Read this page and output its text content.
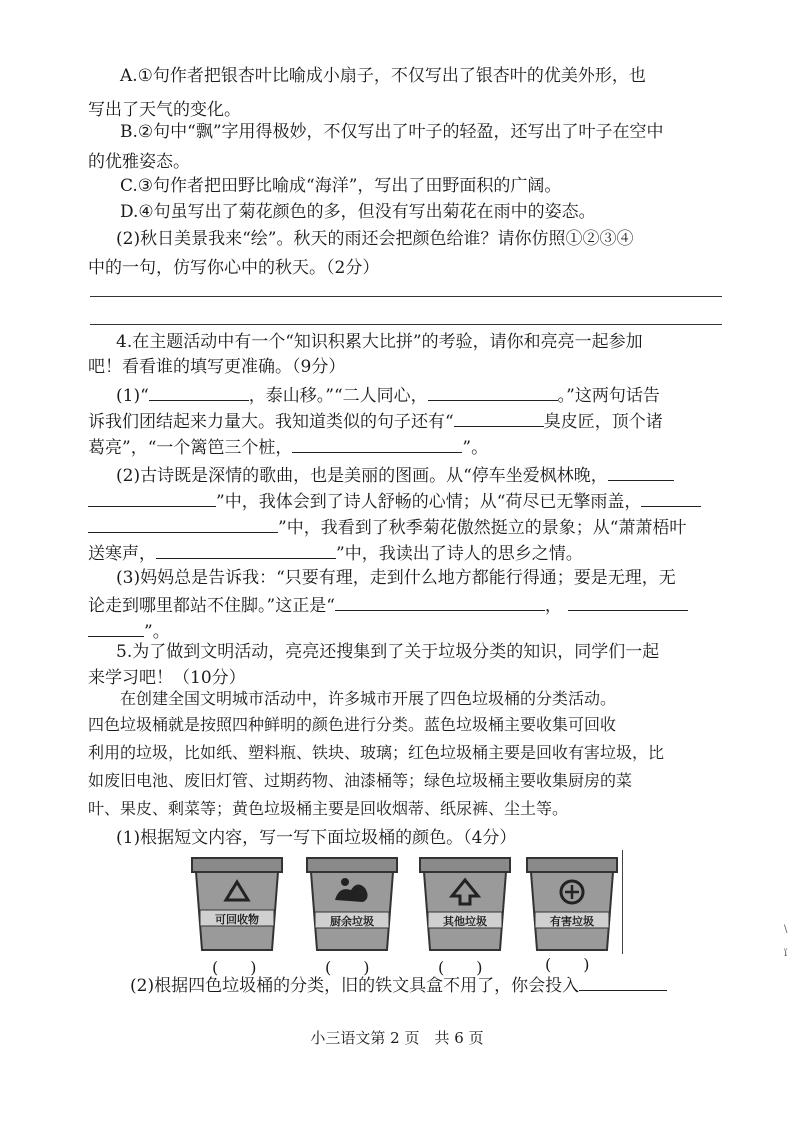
A.①句作者把银杏叶比喻成小扇子，不仅写出了银杏叶的优美外形，也
写出了天气的变化。
B.②句中“飘”字用得极妙，不仅写出了叶子的轻盈，还写出了叶子在空中
的优雅姿态。
C.③句作者把田野比喻成“海洋”，写出了田野面积的广阔。
D.④句虽写出了菊花颜色的多，但没有写出菊花在雨中的姿态。
(2)秋日美景我来“绘”。秋天的雨还会把颜色给谁？请你仿照①②③④
中的一句，仿写你心中的秋天。（2分）
4.在主题活动中有一个“知识积累大比拼”的考验，请你和亮亮一起参加
吧！看看谁的填写更准确。（9分）
(1)“	，泰山移。”“二人同心，	。”这两句话告
诉我们团结起来力量大。我知道类似的句子还有“	臭皮匠，顶个诸
葛亮”，“一个篱笆三个桩，	”。
(2)古诗既是深情的歌曲，也是美丽的图画。从“停车坐爱枫林晚，
”中，我体会到了诗人舒畅的心情；从“荷尽已无擎雨盖，
”中，我看到了秋季菊花傲然挺立的景象；从“萧萧梧叶
送寒声，	”中，我读出了诗人的思乡之情。
(3)妈妈总是告诉我：“只要有理，走到什么地方都能行得通；要是无理，无
论走到哪里都站不住脚。”这正是“	，
”。
5.为了做到文明活动，亮亮还搜集到了关于垃圾分类的知识，同学们一起
来学习吧！（10分）
在创建全国文明城市活动中，许多城市开展了四色垃圾桶的分类活动。
四色垃圾桶就是按照四种鲜明的颜色进行分类。蓝色垃圾桶主要收集可回收
利用的垃圾，比如纸、塑料瓶、铁块、玻璃；红色垃圾桶主要是回收有害垃圾，比
如废旧电池、废旧灯管、过期药物、油漆桶等；绿色垃圾桶主要收集厨房的菜
叶、果皮、剩菜等；黄色垃圾桶主要是回收烟蒂、纸尿裤、尘土等。
(1)根据短文内容，写一写下面垃圾桶的颜色。（4分）
可回收物	厨余垃圾	其他垃圾	有害垃圾
(　　)	(　　)	(　　)	(　　)
(2)根据四色垃圾桶的分类，旧的铁文具盒不用了，你会投入
小三语文第 2 页　共 6 页
\
ï
